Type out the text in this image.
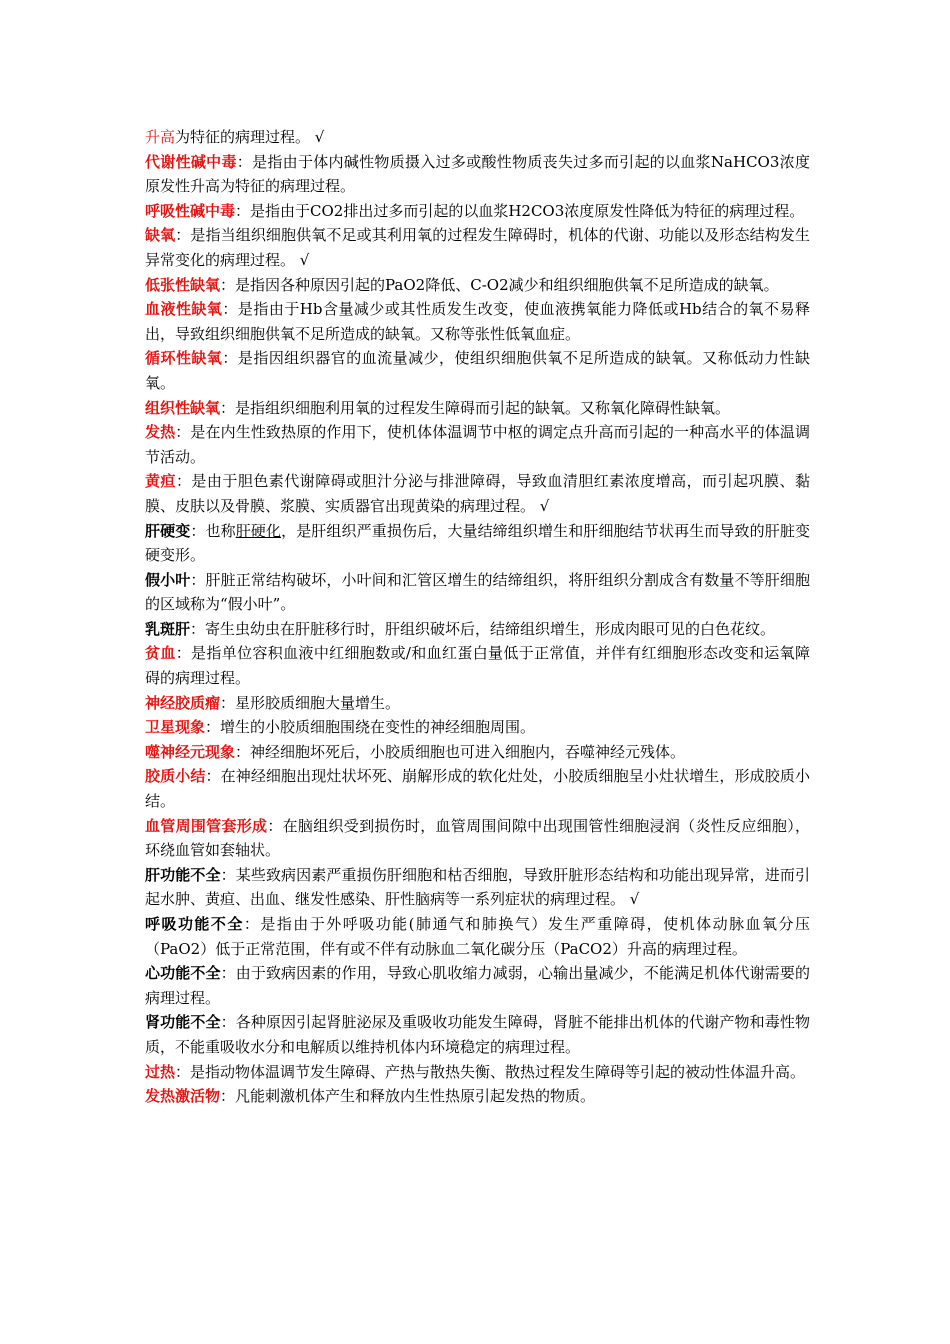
升高为特征的病理过程。 √

代谢性碱中毒：是指由于体内碱性物质摄入过多或酸性物质丧失过多而引起的以血浆NaHCO3浓度原发性升高为特征的病理过程。

呼吸性碱中毒：是指由于CO2排出过多而引起的以血浆H2CO3浓度原发性降低为特征的病理过程。

缺氧：是指当组织细胞供氧不足或其利用氧的过程发生障碍时，机体的代谢、功能以及形态结构发生异常变化的病理过程。 √

低张性缺氧：是指因各种原因引起的PaO2降低、C-O2减少和组织细胞供氧不足所造成的缺氧。

血液性缺氧：是指由于Hb含量减少或其性质发生改变，使血液携氧能力降低或Hb结合的氧不易释出，导致组织细胞供氧不足所造成的缺氧。又称等张性低氧血症。

循环性缺氧：是指因组织器官的血流量减少，使组织细胞供氧不足所造成的缺氧。又称低动力性缺氧。

组织性缺氧：是指组织细胞利用氧的过程发生障碍而引起的缺氧。又称氧化障碍性缺氧。

发热：是在内生性致热原的作用下，使机体体温调节中枢的调定点升高而引起的一种高水平的体温调节活动。

黄疸：是由于胆色素代谢障碍或胆汁分泌与排泄障碍，导致血清胆红素浓度增高，而引起巩膜、黏膜、皮肤以及骨膜、浆膜、实质器官出现黄染的病理过程。 √

肝硬变：也称肝硬化，是肝组织严重损伤后，大量结缔组织增生和肝细胞结节状再生而导致的肝脏变硬变形。

假小叶：肝脏正常结构破坏，小叶间和汇管区增生的结缔组织，将肝组织分割成含有数量不等肝细胞的区域称为“假小叶”。

乳斑肝：寄生虫幼虫在肝脏移行时，肝组织破坏后，结缔组织增生，形成肉眼可见的白色花纹。

贫血：是指单位容积血液中红细胞数或/和血红蛋白量低于正常值，并伴有红细胞形态改变和运氧障碍的病理过程。

神经胶质瘤：星形胶质细胞大量增生。

卫星现象：增生的小胶质细胞围绕在变性的神经细胞周围。

噬神经元现象：神经细胞坏死后，小胶质细胞也可进入细胞内，吞噬神经元残体。

胶质小结：在神经细胞出现灶状坏死、崩解形成的软化灶处，小胶质细胞呈小灶状增生，形成胶质小结。

血管周围管套形成：在脑组织受到损伤时，血管周围间隙中出现围管性细胞浸润（炎性反应细胞），环绕血管如套轴状。

肝功能不全：某些致病因素严重损伤肝细胞和枯否细胞，导致肝脏形态结构和功能出现异常，进而引起水肿、黄疸、出血、继发性感染、肝性脑病等一系列症状的病理过程。 √

呼吸功能不全：是指由于外呼吸功能(肺通气和肺换气）发生严重障碍，使机体动脉血氧分压（PaO2）低于正常范围，伴有或不伴有动脉血二氧化碳分压（PaCO2）升高的病理过程。

心功能不全：由于致病因素的作用，导致心肌收缩力减弱，心输出量减少，不能满足机体代谢需要的病理过程。

肾功能不全：各种原因引起肾脏泌尿及重吸收功能发生障碍，肾脏不能排出机体的代谢产物和毒性物质，不能重吸收水分和电解质以维持机体内环境稳定的病理过程。

过热：是指动物体温调节发生障碍、产热与散热失衡、散热过程发生障碍等引起的被动性体温升高。

发热激活物：凡能刺激机体产生和释放内生性热原引起发热的物质。
